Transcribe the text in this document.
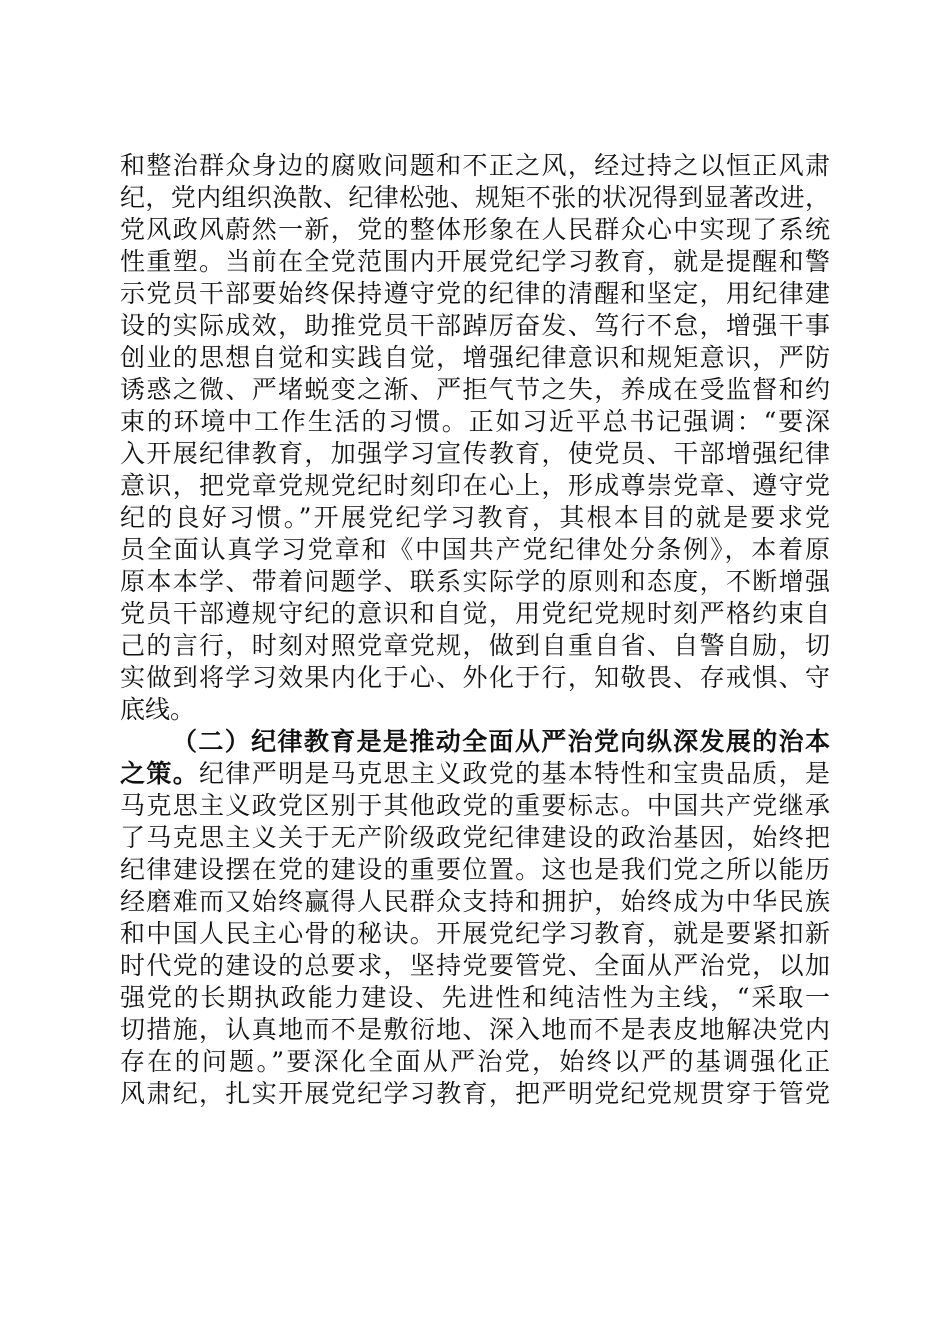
和整治群众身边的腐败问题和不正之风，经过持之以恒正风肃
纪，党内组织涣散、纪律松弛、规矩不张的状况得到显著改进，
党风政风蔚然一新，党的整体形象在人民群众心中实现了系统
性重塑。当前在全党范围内开展党纪学习教育，就是提醒和警
示党员干部要始终保持遵守党的纪律的清醒和坚定，用纪律建
设的实际成效，助推党员干部踔厉奋发、笃行不怠，增强干事
创业的思想自觉和实践自觉，增强纪律意识和规矩意识，严防
诱惑之微、严堵蜕变之渐、严拒气节之失，养成在受监督和约
束的环境中工作生活的习惯。正如习近平总书记强调：“要深
入开展纪律教育，加强学习宣传教育，使党员、干部增强纪律
意识，把党章党规党纪时刻印在心上，形成尊崇党章、遵守党
纪的良好习惯。”开展党纪学习教育，其根本目的就是要求党
员全面认真学习党章和《中国共产党纪律处分条例》，本着原
原本本学、带着问题学、联系实际学的原则和态度，不断增强
党员干部遵规守纪的意识和自觉，用党纪党规时刻严格约束自
己的言行，时刻对照党章党规，做到自重自省、自警自励，切
实做到将学习效果内化于心、外化于行，知敬畏、存戒惧、守
底线。
（二）纪律教育是是推动全面从严治党向纵深发展的治本
之策。纪律严明是马克思主义政党的基本特性和宝贵品质，是
马克思主义政党区别于其他政党的重要标志。中国共产党继承
了马克思主义关于无产阶级政党纪律建设的政治基因，始终把
纪律建设摆在党的建设的重要位置。这也是我们党之所以能历
经磨难而又始终赢得人民群众支持和拥护，始终成为中华民族
和中国人民主心骨的秘诀。开展党纪学习教育，就是要紧扣新
时代党的建设的总要求，坚持党要管党、全面从严治党，以加
强党的长期执政能力建设、先进性和纯洁性为主线，“采取一
切措施，认真地而不是敷衍地、深入地而不是表皮地解决党内
存在的问题。”要深化全面从严治党，始终以严的基调强化正
风肃纪，扎实开展党纪学习教育，把严明党纪党规贯穿于管党
